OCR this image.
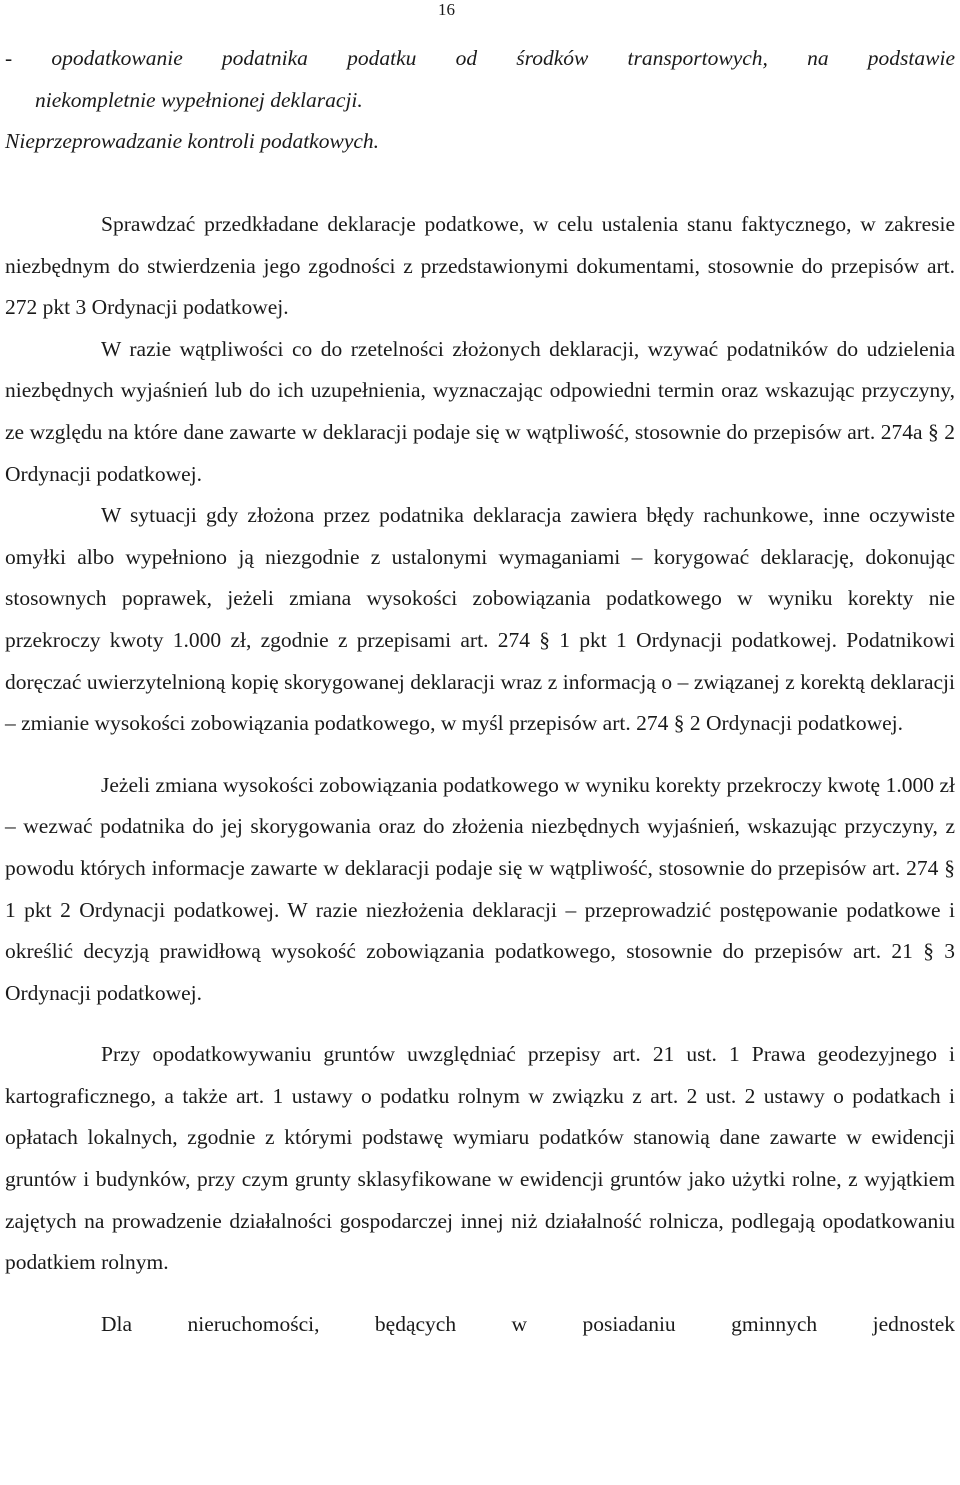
16
- opodatkowanie podatnika podatku od środków transportowych, na podstawie
niekompletnie wypełnionej deklaracji.
Nieprzeprowadzanie kontroli podatkowych.

Sprawdzać przedkładane deklaracje podatkowe, w celu ustalenia stanu faktycznego, w zakresie niezbędnym do stwierdzenia jego zgodności z przedstawionymi dokumentami, stosownie do przepisów art. 272 pkt 3 Ordynacji podatkowej.

W razie wątpliwości co do rzetelności złożonych deklaracji, wzywać podatników do udzielenia niezbędnych wyjaśnień lub do ich uzupełnienia, wyznaczając odpowiedni termin oraz wskazując przyczyny, ze względu na które dane zawarte w deklaracji podaje się w wątpliwość, stosownie do przepisów art. 274a § 2 Ordynacji podatkowej.

W sytuacji gdy złożona przez podatnika deklaracja zawiera błędy rachunkowe, inne oczywiste omyłki albo wypełniono ją niezgodnie z ustalonymi wymaganiami – korygować deklarację, dokonując stosownych poprawek, jeżeli zmiana wysokości zobowiązania podatkowego w wyniku korekty nie przekroczy kwoty 1.000 zł, zgodnie z przepisami art. 274 § 1 pkt 1 Ordynacji podatkowej. Podatnikowi doręczać uwierzytelnioną kopię skorygowanej deklaracji wraz z informacją o – związanej z korektą deklaracji – zmianie wysokości zobowiązania podatkowego, w myśl przepisów art. 274 § 2 Ordynacji podatkowej.

Jeżeli zmiana wysokości zobowiązania podatkowego w wyniku korekty przekroczy kwotę 1.000 zł – wezwać podatnika do jej skorygowania oraz do złożenia niezbędnych wyjaśnień, wskazując przyczyny, z powodu których informacje zawarte w deklaracji podaje się w wątpliwość, stosownie do przepisów art. 274 § 1 pkt 2 Ordynacji podatkowej. W razie niezłożenia deklaracji – przeprowadzić postępowanie podatkowe i określić decyzją prawidłową wysokość zobowiązania podatkowego, stosownie do przepisów art. 21 § 3 Ordynacji podatkowej.

Przy opodatkowywaniu gruntów uwzględniać przepisy art. 21 ust. 1 Prawa geodezyjnego i kartograficznego, a także art. 1 ustawy o podatku rolnym w związku z art. 2 ust. 2 ustawy o podatkach i opłatach lokalnych, zgodnie z którymi podstawę wymiaru podatków stanowią dane zawarte w ewidencji gruntów i budynków, przy czym grunty sklasyfikowane w ewidencji gruntów jako użytki rolne, z wyjątkiem zajętych na prowadzenie działalności gospodarczej innej niż działalność rolnicza, podlegają opodatkowaniu podatkiem rolnym.

Dla nieruchomości, będących w posiadaniu gminnych jednostek
